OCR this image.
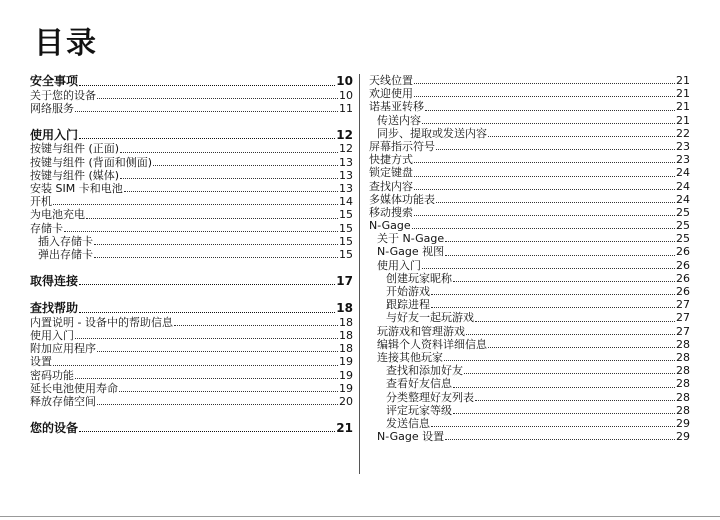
目录
安全事项	10
关于您的设备	10
网络服务	11
使用入门	12
按键与组件 (正面)	12
按键与组件 (背面和侧面)	13
按键与组件 (媒体)	13
安装 SIM 卡和电池	13
开机	14
为电池充电	15
存储卡	15
插入存储卡	15
弹出存储卡	15
取得连接	17
查找帮助	18
内置说明 - 设备中的帮助信息	18
使用入门	18
附加应用程序	18
设置	19
密码功能	19
延长电池使用寿命	19
释放存储空间	20
您的设备	21
天线位置	21
欢迎使用	21
诺基亚转移	21
传送内容	21
同步、提取或发送内容	22
屏幕指示符号	23
快捷方式	23
锁定键盘	24
查找内容	24
多媒体功能表	24
移动搜索	25
N-Gage	25
关于 N-Gage	25
N-Gage 视图	26
使用入门	26
创建玩家昵称	26
开始游戏	26
跟踪进程	27
与好友一起玩游戏	27
玩游戏和管理游戏	27
编辑个人资料详细信息	28
连接其他玩家	28
查找和添加好友	28
查看好友信息	28
分类整理好友列表	28
评定玩家等级	28
发送信息	29
N-Gage 设置	29
